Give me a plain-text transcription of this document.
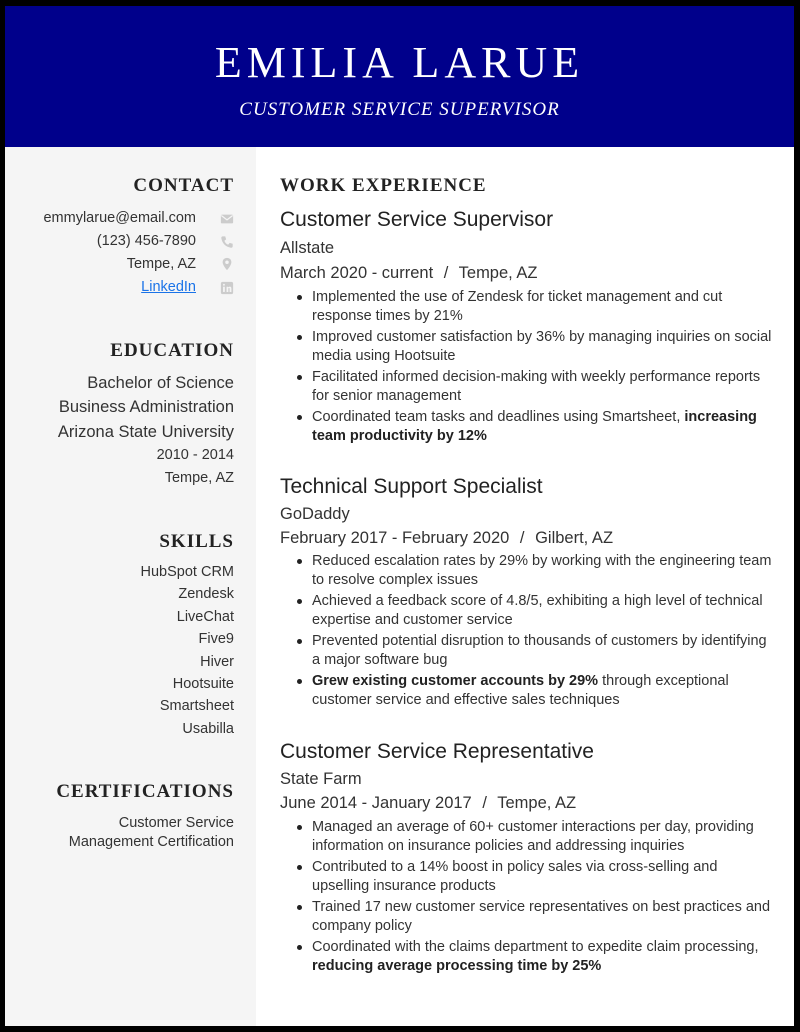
EMILIA LARUE
CUSTOMER SERVICE SUPERVISOR
CONTACT
emmylarue@email.com
(123) 456-7890
Tempe, AZ
LinkedIn
EDUCATION
Bachelor of Science
Business Administration
Arizona State University
2010 - 2014
Tempe, AZ
SKILLS
HubSpot CRM
Zendesk
LiveChat
Five9
Hiver
Hootsuite
Smartsheet
Usabilla
CERTIFICATIONS
Customer Service
Management Certification
WORK EXPERIENCE
Customer Service Supervisor
Allstate
March 2020 - current / Tempe, AZ
Implemented the use of Zendesk for ticket management and cut response times by 21%
Improved customer satisfaction by 36% by managing inquiries on social media using Hootsuite
Facilitated informed decision-making with weekly performance reports for senior management
Coordinated team tasks and deadlines using Smartsheet, increasing team productivity by 12%
Technical Support Specialist
GoDaddy
February 2017 - February 2020 / Gilbert, AZ
Reduced escalation rates by 29% by working with the engineering team to resolve complex issues
Achieved a feedback score of 4.8/5, exhibiting a high level of technical expertise and customer service
Prevented potential disruption to thousands of customers by identifying a major software bug
Grew existing customer accounts by 29% through exceptional customer service and effective sales techniques
Customer Service Representative
State Farm
June 2014 - January 2017 / Tempe, AZ
Managed an average of 60+ customer interactions per day, providing information on insurance policies and addressing inquiries
Contributed to a 14% boost in policy sales via cross-selling and upselling insurance products
Trained 17 new customer service representatives on best practices and company policy
Coordinated with the claims department to expedite claim processing, reducing average processing time by 25%
